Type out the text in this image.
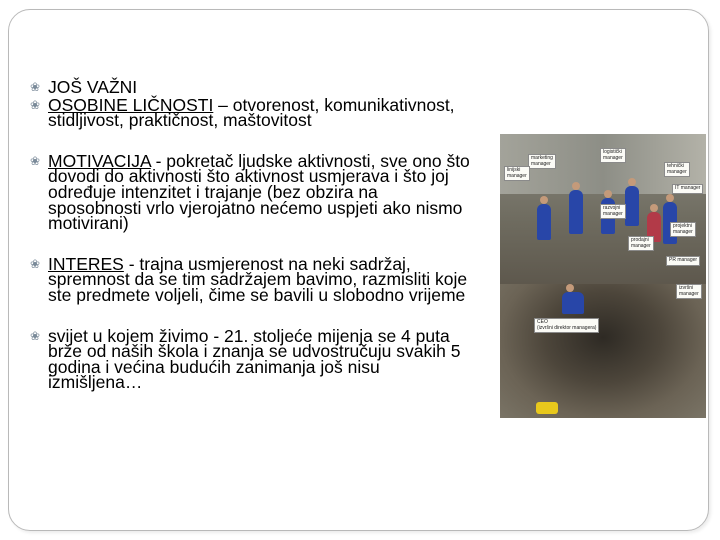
❀ JOŠ VAŽNI
❀ OSOBINE LIČNOSTI – otvorenost, komunikativnost, stidljivost, praktičnost, maštovitost
❀ MOTIVACIJA - pokretač ljudske aktivnosti, sve ono što dovodi do aktivnosti što aktivnost usmjerava i što joj određuje intenzitet i trajanje (bez obzira na sposobnosti vrlo vjerojatno nećemo uspjeti ako nismo motivirani)
❀ INTERES - trajna usmjerenost na neki sadržaj, spremnost da se tim sadržajem bavimo, razmisliti koje ste predmete voljeli, čime se bavili u slobodno vrijeme
❀ svijet u kojem živimo - 21. stoljeće mijenja se 4 puta brže od naših škola i znanja se udvostručuju svakih 5 godina i većina budućih zanimanja još nisu izmišljena…
marketing
manager
logistički
manager
linijski
manager
tehnički
manager
IT manager
razvojni
manager
projektni
manager
prodajni
manager
PR manager
izvršni
manager
CEO
(izvršni direktor managera)
